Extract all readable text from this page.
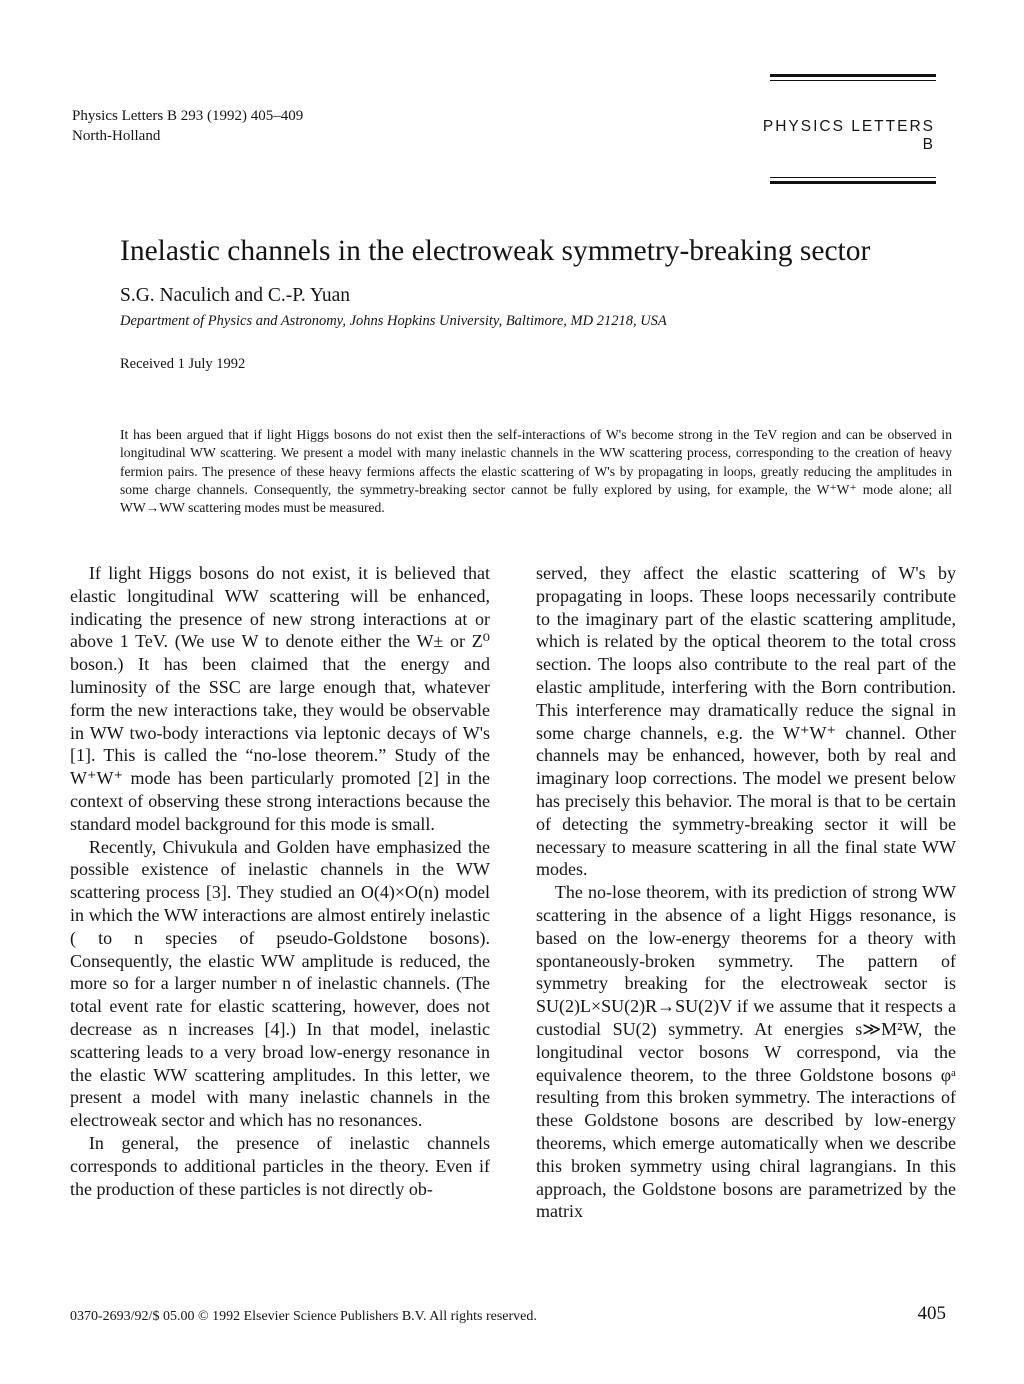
Physics Letters B 293 (1992) 405–409
North-Holland
PHYSICS LETTERS B
Inelastic channels in the electroweak symmetry-breaking sector
S.G. Naculich and C.-P. Yuan
Department of Physics and Astronomy, Johns Hopkins University, Baltimore, MD 21218, USA
Received 1 July 1992
It has been argued that if light Higgs bosons do not exist then the self-interactions of W's become strong in the TeV region and can be observed in longitudinal WW scattering. We present a model with many inelastic channels in the WW scattering process, corresponding to the creation of heavy fermion pairs. The presence of these heavy fermions affects the elastic scattering of W's by propagating in loops, greatly reducing the amplitudes in some charge channels. Consequently, the symmetry-breaking sector cannot be fully explored by using, for example, the W⁺W⁺ mode alone; all WW→WW scattering modes must be measured.

If light Higgs bosons do not exist, it is believed that elastic longitudinal WW scattering will be enhanced, indicating the presence of new strong interactions at or above 1 TeV. (We use W to denote either the W± or Z⁰ boson.) It has been claimed that the energy and luminosity of the SSC are large enough that, whatever form the new interactions take, they would be observable in WW two-body interactions via leptonic decays of W's [1]. This is called the “no-lose theorem.” Study of the W⁺W⁺ mode has been particularly promoted [2] in the context of observing these strong interactions because the standard model background for this mode is small.

Recently, Chivukula and Golden have emphasized the possible existence of inelastic channels in the WW scattering process [3]. They studied an O(4)×O(n) model in which the WW interactions are almost entirely inelastic ( to n species of pseudo-Goldstone bosons). Consequently, the elastic WW amplitude is reduced, the more so for a larger number n of inelastic channels. (The total event rate for elastic scattering, however, does not decrease as n increases [4].) In that model, inelastic scattering leads to a very broad low-energy resonance in the elastic WW scattering amplitudes. In this letter, we present a model with many inelastic channels in the electroweak sector and which has no resonances.

In general, the presence of inelastic channels corresponds to additional particles in the theory. Even if the production of these particles is not directly ob-

served, they affect the elastic scattering of W's by propagating in loops. These loops necessarily contribute to the imaginary part of the elastic scattering amplitude, which is related by the optical theorem to the total cross section. The loops also contribute to the real part of the elastic amplitude, interfering with the Born contribution. This interference may dramatically reduce the signal in some charge channels, e.g. the W⁺W⁺ channel. Other channels may be enhanced, however, both by real and imaginary loop corrections. The model we present below has precisely this behavior. The moral is that to be certain of detecting the symmetry-breaking sector it will be necessary to measure scattering in all the final state WW modes.

The no-lose theorem, with its prediction of strong WW scattering in the absence of a light Higgs resonance, is based on the low-energy theorems for a theory with spontaneously-broken symmetry. The pattern of symmetry breaking for the electroweak sector is SU(2)L×SU(2)R→SU(2)V if we assume that it respects a custodial SU(2) symmetry. At energies s≫M²W, the longitudinal vector bosons W correspond, via the equivalence theorem, to the three Goldstone bosons φᵃ resulting from this broken symmetry. The interactions of these Goldstone bosons are described by low-energy theorems, which emerge automatically when we describe this broken symmetry using chiral lagrangians. In this approach, the Goldstone bosons are parametrized by the matrix

0370-2693/92/$ 05.00 © 1992 Elsevier Science Publishers B.V. All rights reserved.	405
